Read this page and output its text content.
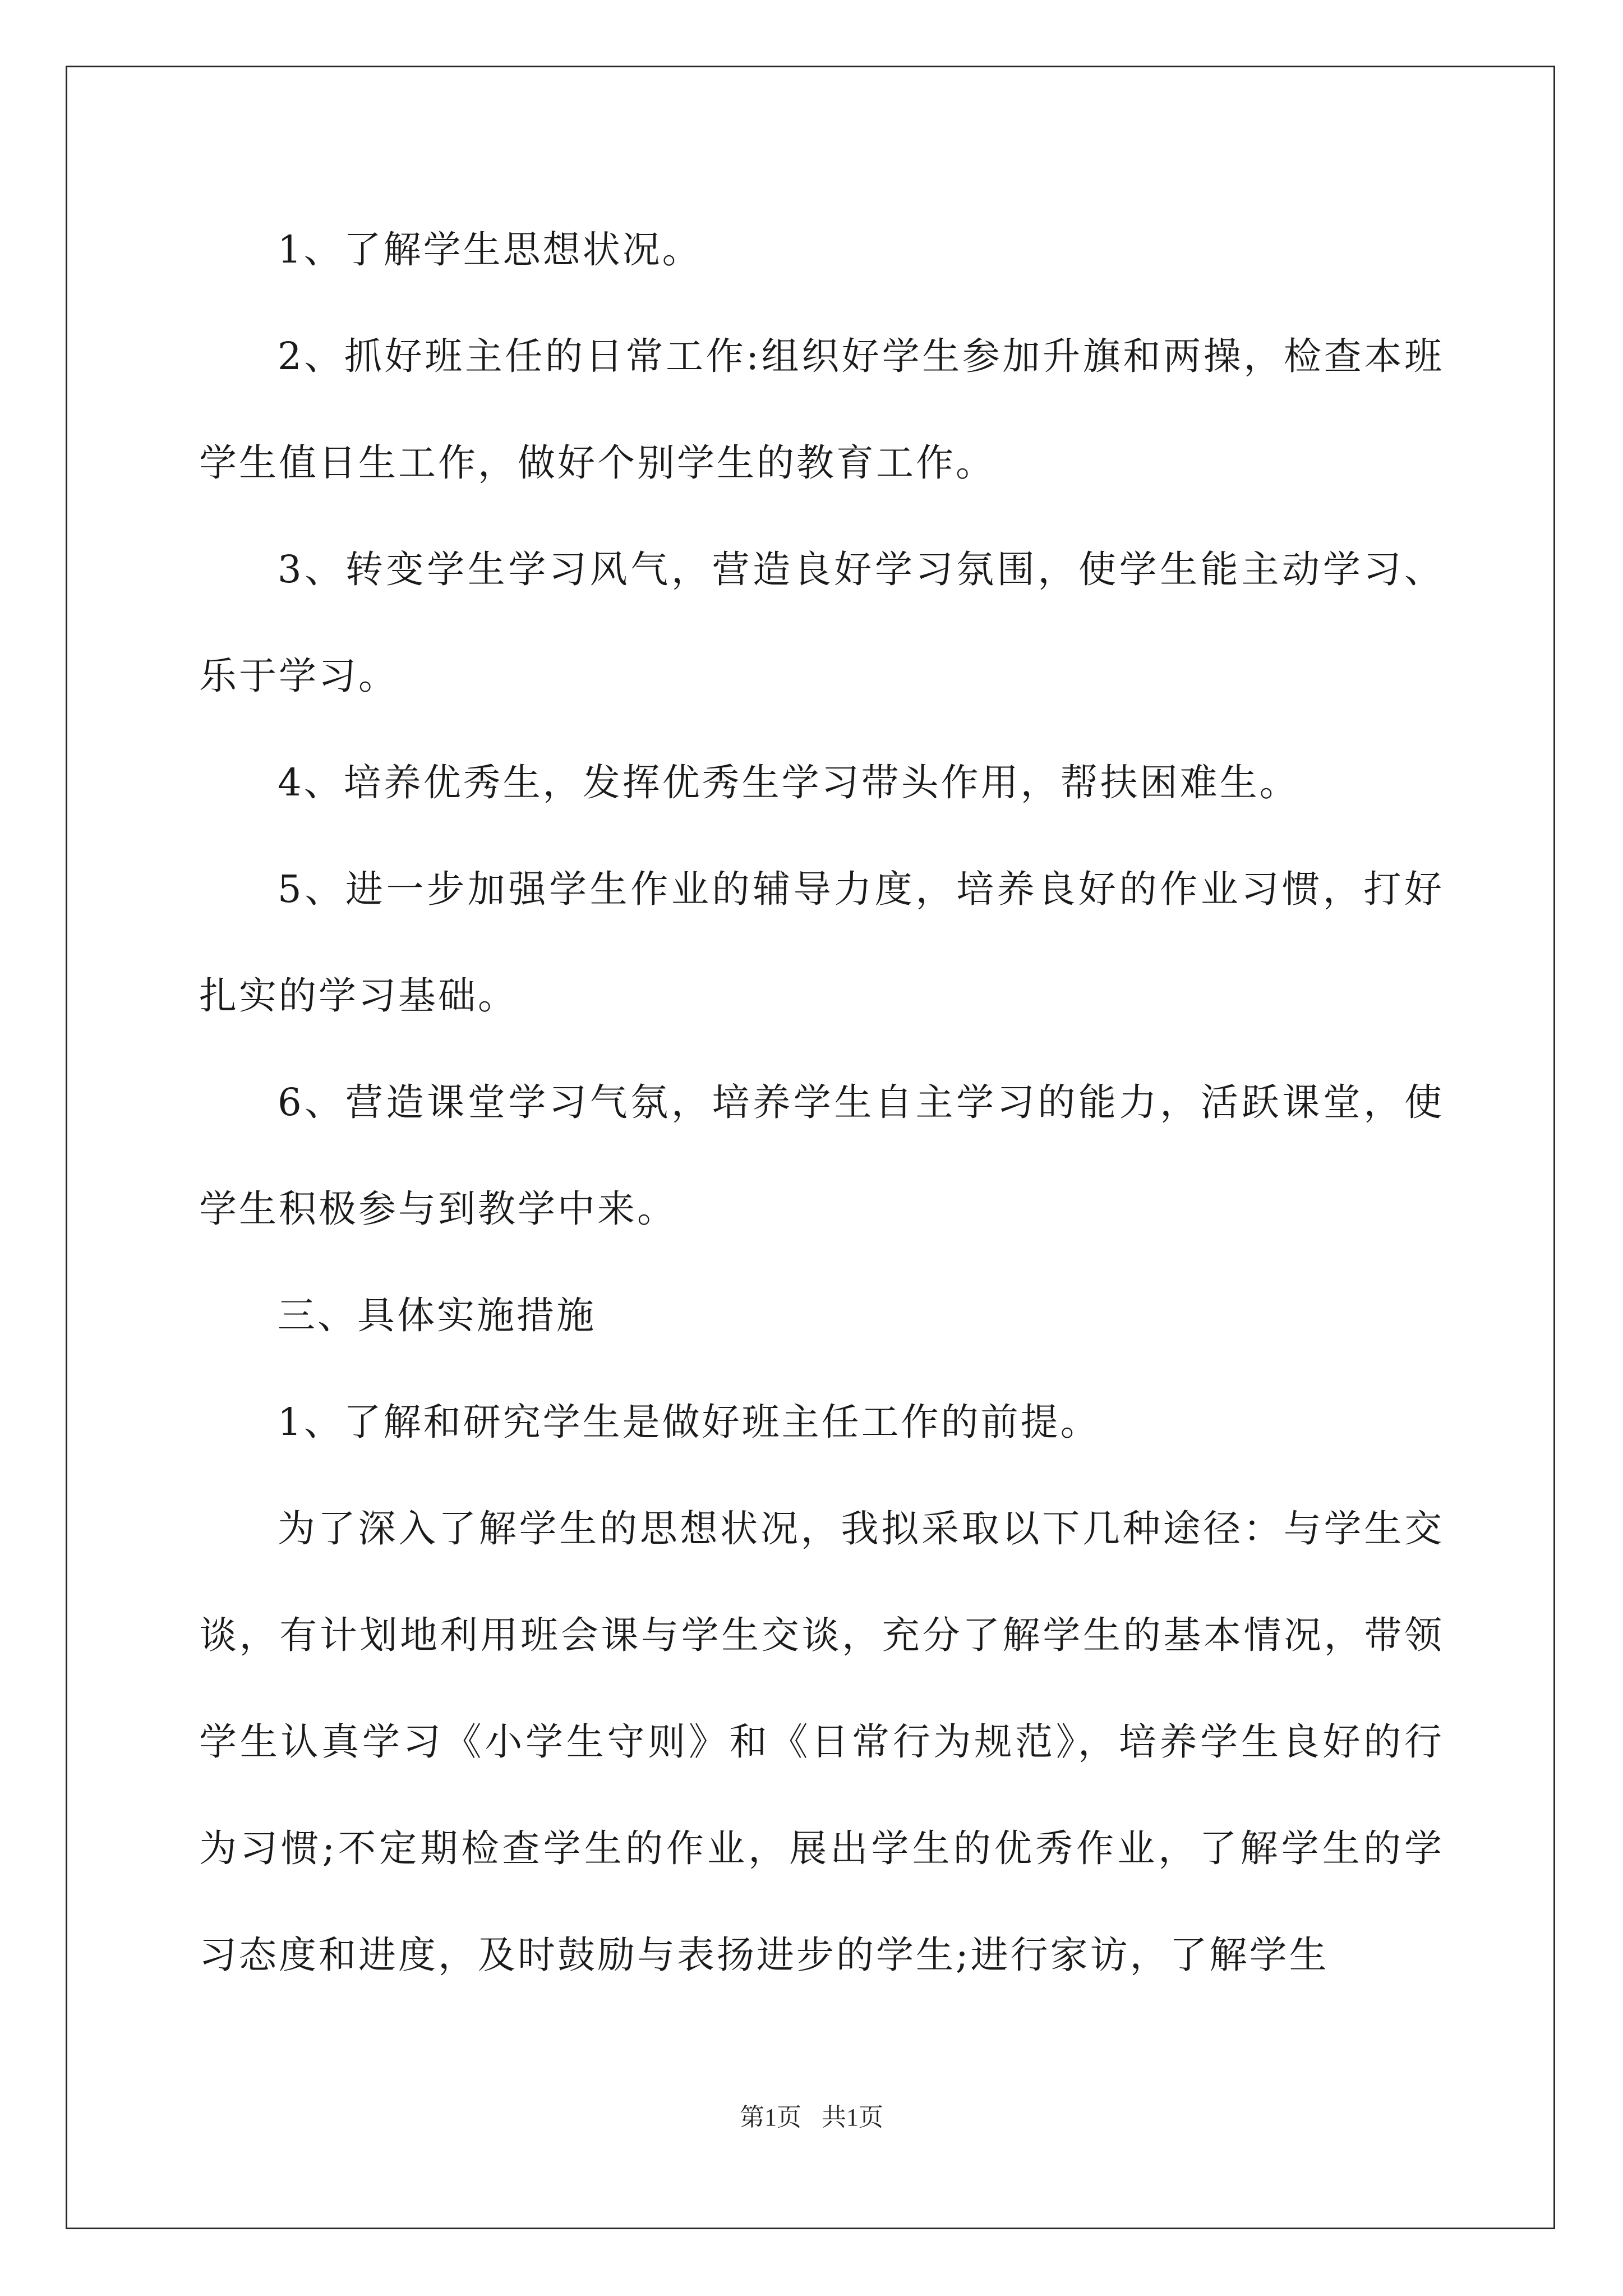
1、了解学生思想状况。

2、抓好班主任的日常工作:组织好学生参加升旗和两操，检查本班学生值日生工作，做好个别学生的教育工作。

3、转变学生学习风气，营造良好学习氛围，使学生能主动学习、乐于学习。

4、培养优秀生，发挥优秀生学习带头作用，帮扶困难生。

5、进一步加强学生作业的辅导力度，培养良好的作业习惯，打好扎实的学习基础。

6、营造课堂学习气氛，培养学生自主学习的能力，活跃课堂，使学生积极参与到教学中来。

三、具体实施措施

1、了解和研究学生是做好班主任工作的前提。

为了深入了解学生的思想状况，我拟采取以下几种途径：与学生交谈，有计划地利用班会课与学生交谈，充分了解学生的基本情况，带领学生认真学习《小学生守则》和《日常行为规范》，培养学生良好的行为习惯;不定期检查学生的作业，展出学生的优秀作业，了解学生的学习态度和进度，及时鼓励与表扬进步的学生;进行家访，了解学生

第1页 共1页
